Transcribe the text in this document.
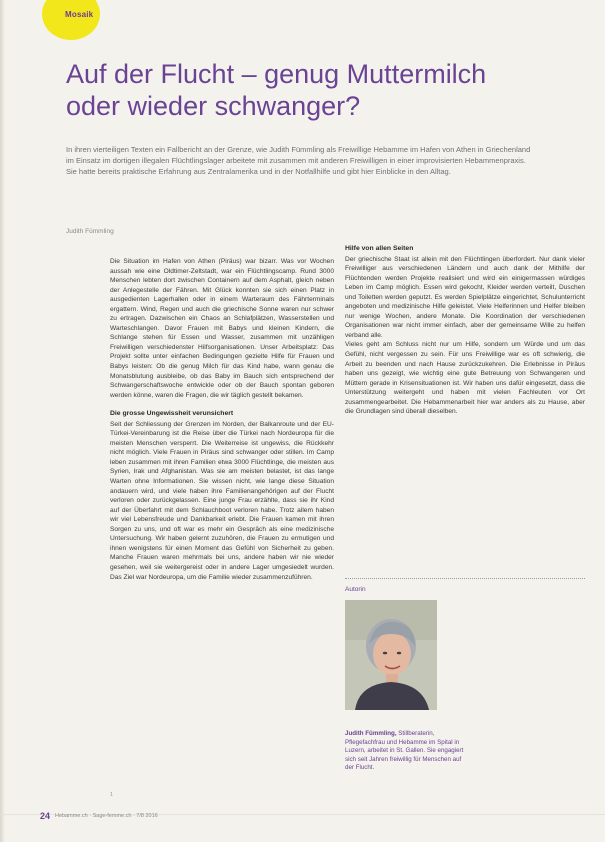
Mosaik
Auf der Flucht – genug Muttermilch oder wieder schwanger?

In ihren vierteiligen Texten ein Fallbericht an der Grenze, wie Judith Fümmling als Freiwillige Hebamme im Hafen von Athen in Griechenland im Einsatz im dortigen illegalen Flüchtlingslager arbeitete mit zusammen mit anderen Freiwilligen in einer improvisierten Hebammenpraxis. Sie hatte bereits praktische Erfahrung aus Zentralamerika und in der Notfallhilfe und gibt hier Einblicke in den Alltag.

Judith Fümmling

Die Situation im Hafen von Athen (Piräus) war bizarr. Was vor Wochen aussah wie eine Oldtimer-Zeltstadt, war ein Flüchtlingscamp. Rund 3000 Menschen lebten dort zwischen Containern auf dem Asphalt, gleich neben der Anlegestelle der Fähren. Mit Glück konnten sie sich einen Platz in ausgedienten Lagerhallen oder in einem Warteraum des Fährterminals ergattern. Wind, Regen und auch die griechische Sonne waren nur schwer zu ertragen. Dazwischen ein Chaos an Schlafplätzen, Wasserstellen und Warteschlangen. Davor Frauen mit Babys und kleinen Kindern, die Schlange stehen für Essen und Wasser, zusammen mit unzähligen Freiwilligen verschiedenster Hilfsorganisationen. Unser Arbeitsplatz: Das Projekt sollte unter einfachen Bedingungen gezielte Hilfe für Frauen und Babys leisten: Ob die genug Milch für das Kind habe, wann genau die Monatsblutung ausbleibe, ob das Baby im Bauch sich entsprechend der Schwangerschaftswoche entwickle oder ob der Bauch spontan geboren werden könne, waren die Fragen, die wir täglich gestellt bekamen.

Die grosse Ungewissheit verunsichert

Seit der Schliessung der Grenzen im Norden, der Balkanroute und der EU-Türkei-Vereinbarung ist die Reise über die Türkei nach Nordeuropa für die meisten Menschen versperrt. Die Weiterreise ist ungewiss, die Rückkehr nicht möglich. Viele Frauen in Piräus sind schwanger oder stillen. Im Camp leben zusammen mit ihren Familien etwa 3000 Flüchtlinge, die meisten aus Syrien, Irak und Afghanistan. Was sie am meisten belastet, ist das lange Warten ohne Informationen. Sie wissen nicht, wie lange diese Situation andauern wird, und viele haben ihre Familienangehörigen auf der Flucht verloren oder zurückgelassen. Eine junge Frau erzählte, dass sie ihr Kind auf der Überfahrt mit dem Schlauchboot verloren habe. Trotz allem haben wir viel Lebensfreude und Dankbarkeit erlebt. Die Frauen kamen mit ihren Sorgen zu uns, und oft war es mehr ein Gespräch als eine medizinische Untersuchung. Wir haben gelernt zuzuhören, die Frauen zu ermutigen und ihnen wenigstens für einen Moment das Gefühl von Sicherheit zu geben. Manche Frauen waren mehrmals bei uns, andere haben wir nie wieder gesehen, weil sie weitergereist oder in andere Lager umgesiedelt wurden. Das Ziel war Nordeuropa, um die Familie wieder zusammenzuführen.

Hilfe von allen Seiten

Der griechische Staat ist allein mit den Flüchtlingen überfordert. Nur dank vieler Freiwilliger aus verschiedenen Ländern und auch dank der Mithilfe der Flüchtenden werden Projekte realisiert und wird ein einigermassen würdiges Leben im Camp möglich. Essen wird gekocht, Kleider werden verteilt, Duschen und Toiletten werden geputzt. Es werden Spielplätze eingerichtet, Schulunterricht angeboten und medizinische Hilfe geleistet. Viele Helferinnen und Helfer bleiben nur wenige Wochen, andere Monate. Die Koordination der verschiedenen Organisationen war nicht immer einfach, aber der gemeinsame Wille zu helfen verband alle.

Vieles geht am Schluss nicht nur um Hilfe, sondern um Würde und um das Gefühl, nicht vergessen zu sein. Für uns Freiwillige war es oft schwierig, die Arbeit zu beenden und nach Hause zurückzukehren. Die Erlebnisse in Piräus haben uns gezeigt, wie wichtig eine gute Betreuung von Schwangeren und Müttern gerade in Krisensituationen ist. Wir haben uns dafür eingesetzt, dass die Unterstützung weitergeht und haben mit vielen Fachleuten vor Ort zusammengearbeitet. Die Hebammenarbeit hier war anders als zu Hause, aber die Grundlagen sind überall dieselben.

Autorin

Judith Fümmling, Stillberaterin, Pflegefachfrau und Hebamme im Spital in Luzern, arbeitet in St. Gallen. Sie engagiert sich seit Jahren freiwillig für Menschen auf der Flucht.

1
24 Hebamme.ch · Sage-femme.ch · 7/8 2016
